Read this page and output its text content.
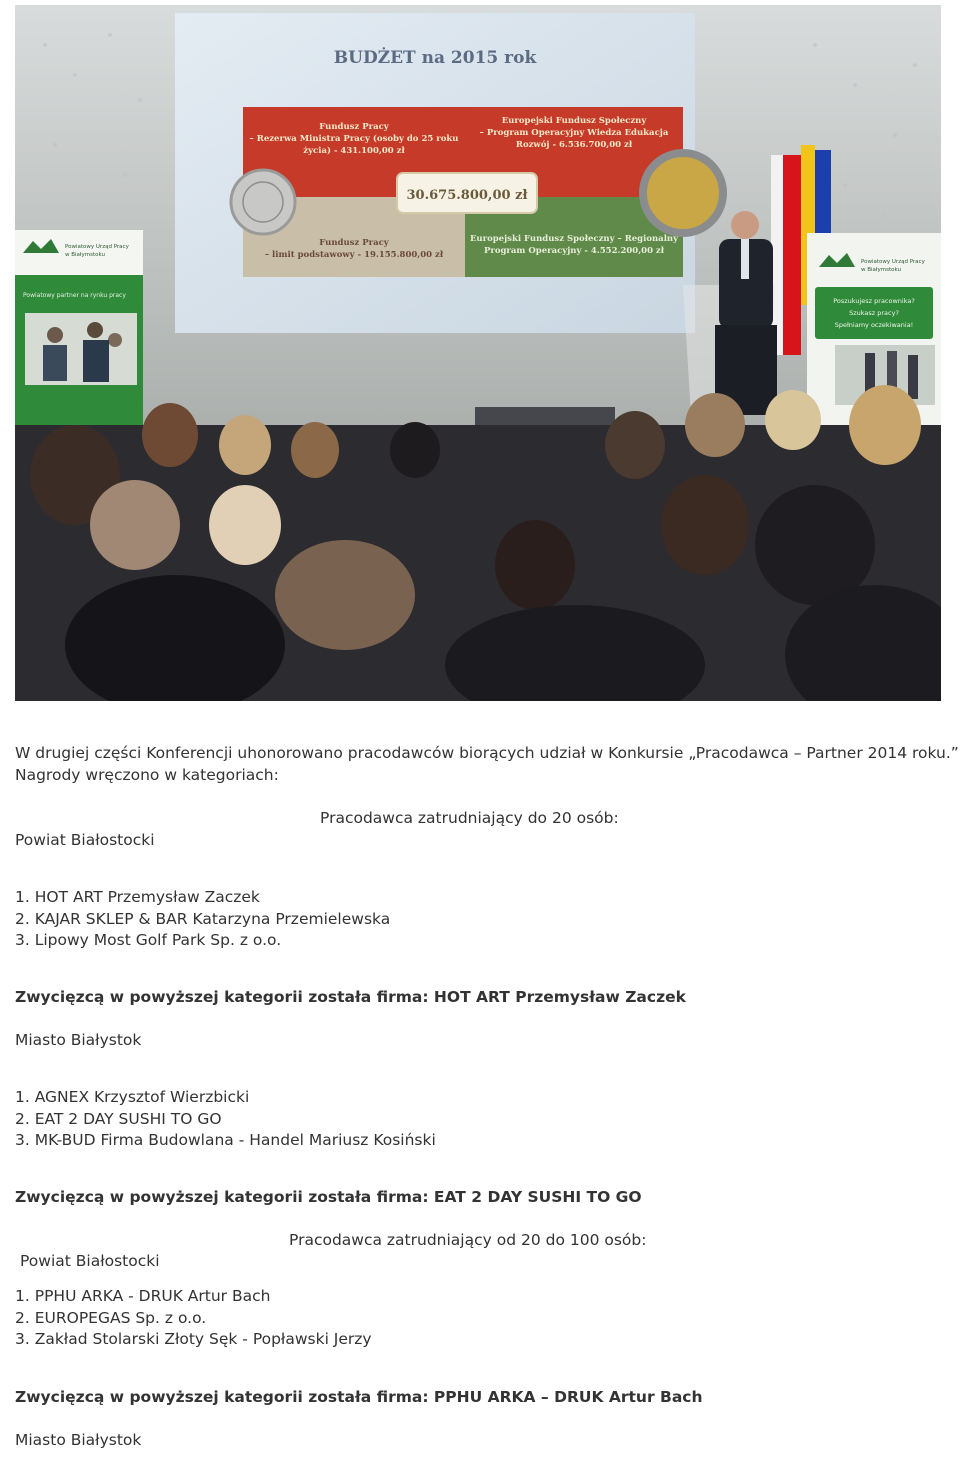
BUDŻET na 2015 rok
Fundusz Pracy
– Rezerwa Ministra Pracy (osoby do 25 roku
życia) - 431.100,00 zł
Europejski Fundusz Społeczny
– Program Operacyjny Wiedza Edukacja
Rozwój - 6.536.700,00 zł
Fundusz Pracy
– limit podstawowy - 19.155.800,00 zł
Europejski Fundusz Społeczny – Regionalny
Program Operacyjny - 4.552.200,00 zł
30.675.800,00 zł
Powiatowy Urząd Pracy
w Białymstoku
Powiatowy partner na rynku pracy
Powiatowy Urząd Pracy
w Białymstoku
Poszukujesz pracownika?
Szukasz pracy?
Spełniamy oczekiwania!
W drugiej części Konferencji uhonorowano pracodawców biorących udział w Konkursie „Pracodawca – Partner 2014 roku.”
Nagrody wręczono w kategoriach:
Pracodawca zatrudniający do 20 osób:
Powiat Białostocki
1. HOT ART Przemysław Zaczek
2. KAJAR SKLEP & BAR Katarzyna Przemielewska
3. Lipowy Most Golf Park Sp. z o.o.
Zwycięzcą w powyższej kategorii została firma: HOT ART Przemysław Zaczek
Miasto Białystok
1. AGNEX Krzysztof Wierzbicki
2. EAT 2 DAY SUSHI TO GO
3. MK-BUD Firma Budowlana - Handel Mariusz Kosiński
Zwycięzcą w powyższej kategorii została firma: EAT 2 DAY SUSHI TO GO
Pracodawca zatrudniający od 20 do 100 osób:
Powiat Białostocki
1. PPHU ARKA - DRUK Artur Bach
2. EUROPEGAS Sp. z o.o.
3. Zakład Stolarski Złoty Sęk - Popławski Jerzy
Zwycięzcą w powyższej kategorii została firma: PPHU ARKA – DRUK Artur Bach
Miasto Białystok
